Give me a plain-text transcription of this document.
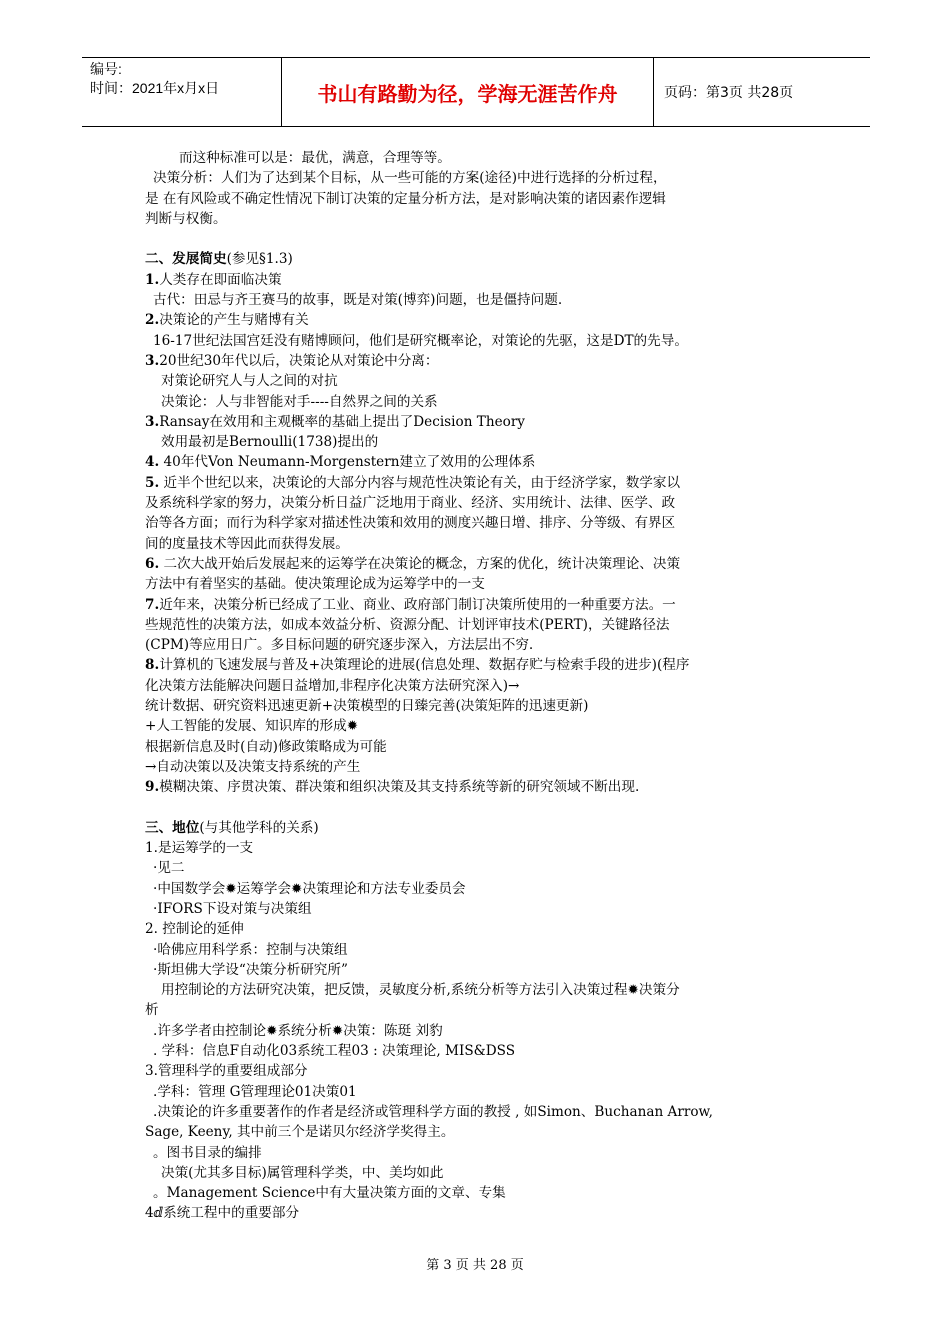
编号:
时间：2021年x月x日	书山有路勤为径，学海无涯苦作舟	页码：第3页 共28页
而这种标准可以是：最优，满意，合理等等。
决策分析：人们为了达到某个目标，从一些可能的方案(途径)中进行选择的分析过程，
是 在有风险或不确定性情况下制订决策的定量分析方法，是对影响决策的诸因素作逻辑
判断与权衡。
二、发展简史(参见§1.3)
1.人类存在即面临决策
古代：田忌与齐王赛马的故事，既是对策(博弈)问题，也是僵持问题.
2.决策论的产生与赌博有关
16-17世纪法国宫廷没有赌博顾问，他们是研究概率论，对策论的先驱，这是DT的先导。
3.20世纪30年代以后，决策论从对策论中分离：
对策论研究人与人之间的对抗
决策论：人与非智能对手----自然界之间的关系
3.Ransay在效用和主观概率的基础上提出了Decision Theory
效用最初是Bernoulli(1738)提出的
4. 40年代Von Neumann-Morgenstern建立了效用的公理体系
5. 近半个世纪以来，决策论的大部分内容与规范性决策论有关，由于经济学家，数学家以
及系统科学家的努力，决策分析日益广泛地用于商业、经济、实用统计、法律、医学、政
治等各方面；而行为科学家对描述性决策和效用的测度兴趣日增、排序、分等级、有界区
间的度量技术等因此而获得发展。
6. 二次大战开始后发展起来的运筹学在决策论的概念，方案的优化，统计决策理论、决策
方法中有着坚实的基础。使决策理论成为运筹学中的一支
7.近年来，决策分析已经成了工业、商业、政府部门制订决策所使用的一种重要方法。一
些规范性的决策方法，如成本效益分析、资源分配、计划评审技术(PERT)，关键路径法
(CPM)等应用日广。多目标问题的研究逐步深入，方法层出不穷.
8.计算机的飞速发展与普及+决策理论的进展(信息处理、数据存贮与检索手段的进步)(程序
化决策方法能解决问题日益增加,非程序化决策方法研究深入)→
统计数据、研究资料迅速更新+决策模型的日臻完善(决策矩阵的迅速更新)
+人工智能的发展、知识库的形成✹
根据新信息及时(自动)修政策略成为可能
→自动决策以及决策支持系统的产生
9.模糊决策、序贯决策、群决策和组织决策及其支持系统等新的研究领域不断出现.
三、地位(与其他学科的关系)
1.是运筹学的一支
·见二
·中国数学会✹运筹学会✹决策理论和方法专业委员会
·IFORS下设对策与决策组
2. 控制论的延伸
·哈佛应用科学系：控制与决策组
·斯坦佛大学设“决策分析研究所”
用控制论的方法研究决策，把反馈，灵敏度分析,系统分析等方法引入决策过程✹决策分
析
.许多学者由控制论✹系统分析✹决策：陈珽 刘豹
. 学科：信息F自动化03系统工程03 : 决策理论, MIS&DSS
3.管理科学的重要组成部分
.学科：管理 G管理理论01决策01
.决策论的许多重要著作的作者是经济或管理科学方面的教授 , 如Simon、Buchanan Arrow,
Sage, Keeny, 其中前三个是诺贝尔经济学奖得主。
。图书目录的编排
决策(尤其多目标)属管理科学类，中、美均如此
。Management Science中有大量决策方面的文章、专集
4ⅆ系统工程中的重要部分
第 3 页 共 28 页
